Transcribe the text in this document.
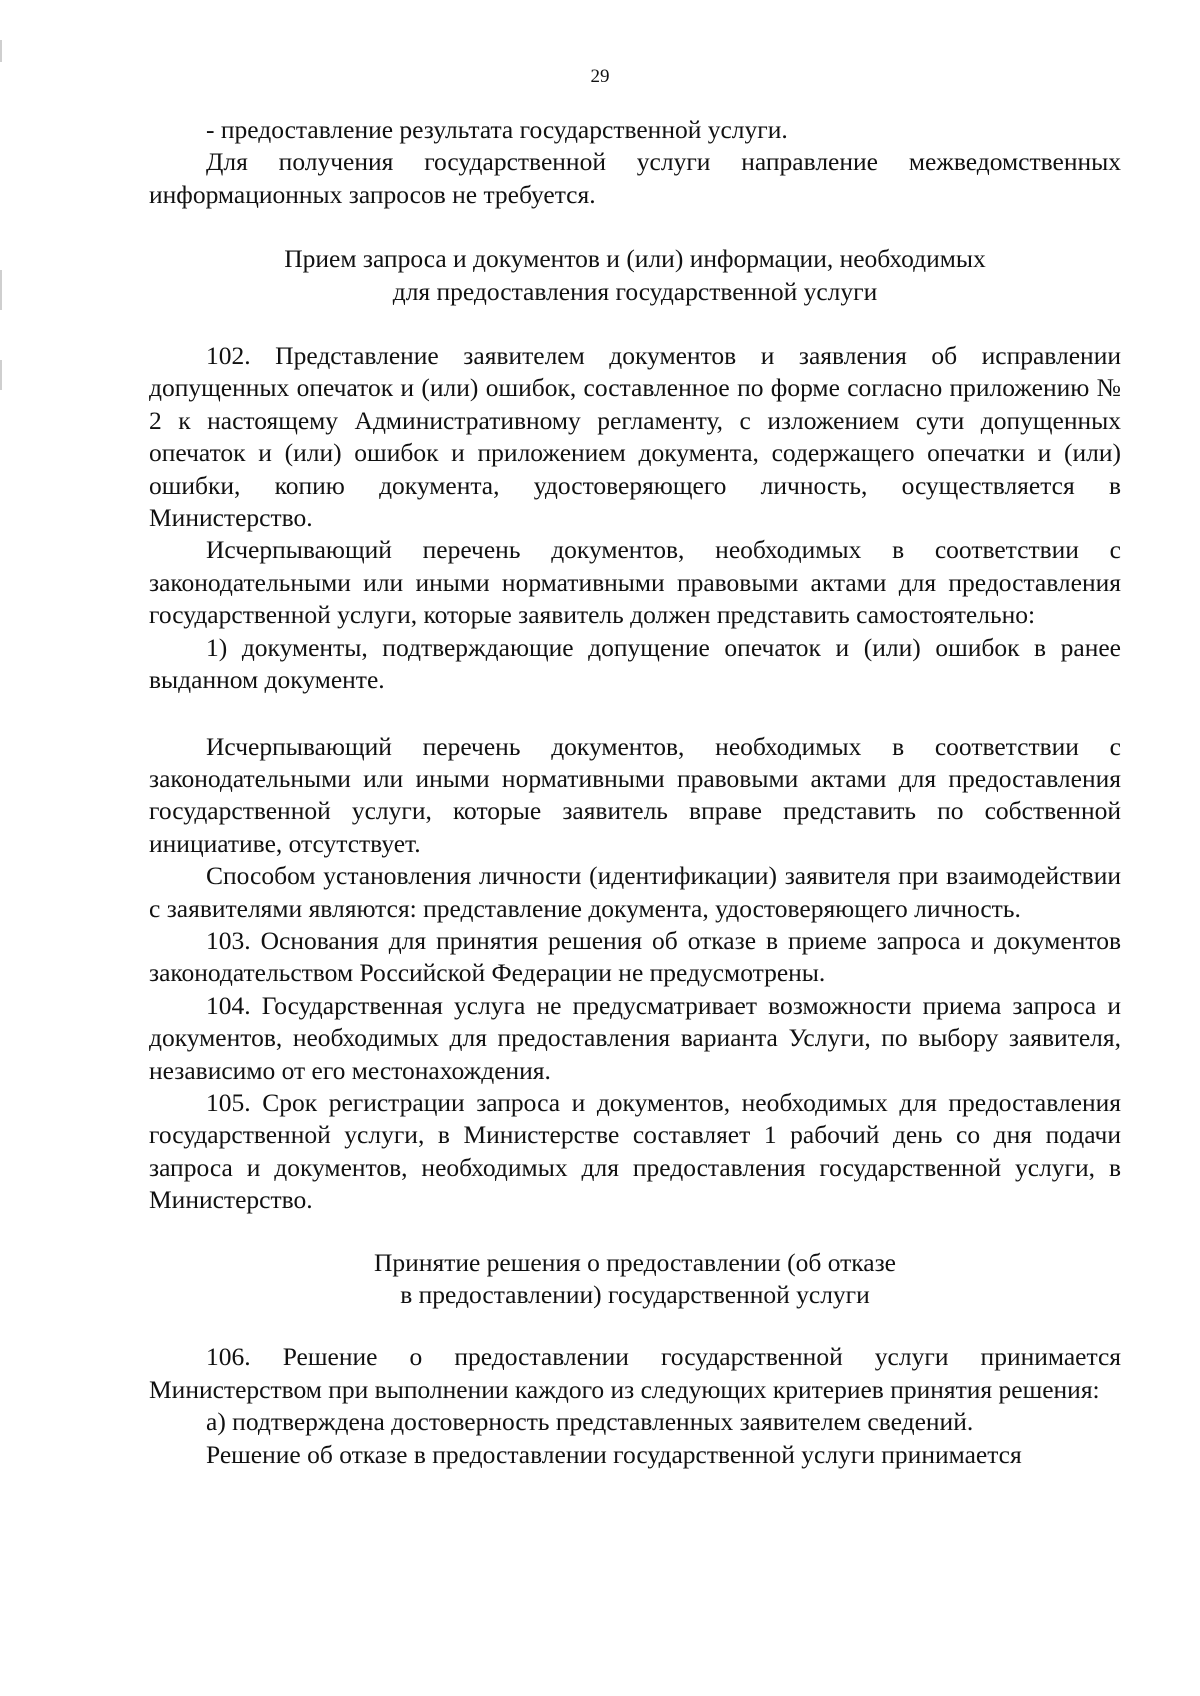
29

- предоставление результата государственной услуги.

Для получения государственной услуги направление межведомственных информационных запросов не требуется.

Прием запроса и документов и (или) информации, необходимых
для предоставления государственной услуги

102. Представление заявителем документов и заявления об исправлении допущенных опечаток и (или) ошибок, составленное по форме согласно приложению № 2 к настоящему Административному регламенту, с изложением сути допущенных опечаток и (или) ошибок и приложением документа, содержащего опечатки и (или) ошибки, копию документа, удостоверяющего личность, осуществляется в Министерство.

Исчерпывающий перечень документов, необходимых в соответствии с законодательными или иными нормативными правовыми актами для предоставления государственной услуги, которые заявитель должен представить самостоятельно:

1) документы, подтверждающие допущение опечаток и (или) ошибок в ранее выданном документе.

Исчерпывающий перечень документов, необходимых в соответствии с законодательными или иными нормативными правовыми актами для предоставления государственной услуги, которые заявитель вправе представить по собственной инициативе, отсутствует.

Способом установления личности (идентификации) заявителя при взаимодействии с заявителями являются: представление документа, удостоверяющего личность.

103. Основания для принятия решения об отказе в приеме запроса и документов законодательством Российской Федерации не предусмотрены.

104. Государственная услуга не предусматривает возможности приема запроса и документов, необходимых для предоставления варианта Услуги, по выбору заявителя, независимо от его местонахождения.

105. Срок регистрации запроса и документов, необходимых для предоставления государственной услуги, в Министерстве составляет 1 рабочий день со дня подачи запроса и документов, необходимых для предоставления государственной услуги, в Министерство.

Принятие решения о предоставлении (об отказе
в предоставлении) государственной услуги

106. Решение о предоставлении государственной услуги принимается Министерством при выполнении каждого из следующих критериев принятия решения:

а) подтверждена достоверность представленных заявителем сведений.

Решение об отказе в предоставлении государственной услуги принимается
